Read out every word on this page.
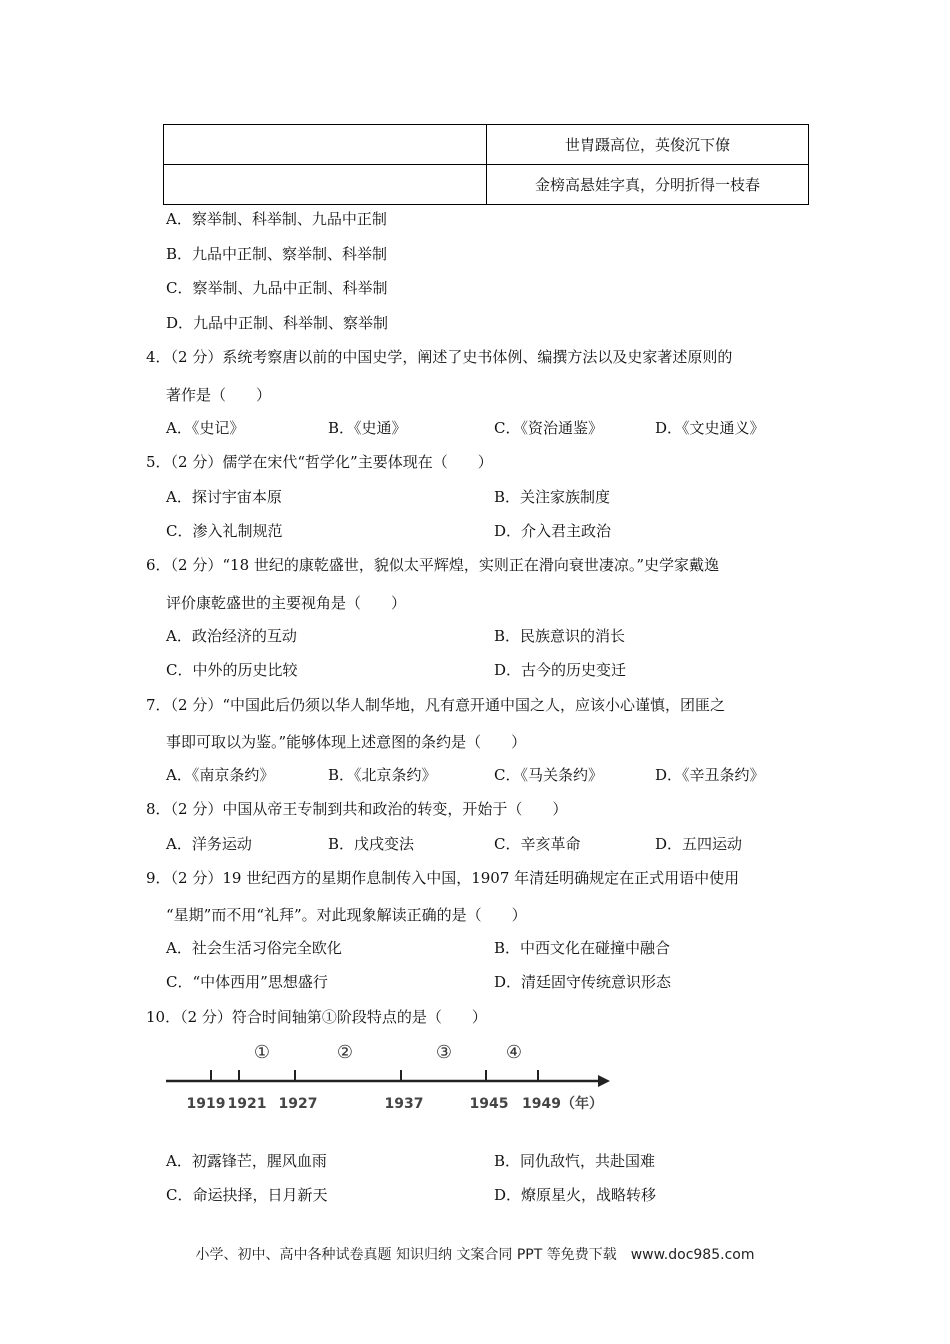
	世胄蹑高位，英俊沉下僚
	金榜高悬娃字真，分明折得一枝春
A．察举制、科举制、九品中正制
B．九品中正制、察举制、科举制
C．察举制、九品中正制、科举制
D．九品中正制、科举制、察举制
4．（2 分）系统考察唐以前的中国史学，阐述了史书体例、编撰方法以及史家著述原则的
著作是（　　）
A．《史记》	B．《史通》	C．《资治通鉴》	D．《文史通义》
5．（2 分）儒学在宋代“哲学化”主要体现在（　　）
A．探讨宇宙本原	B．关注家族制度
C．渗入礼制规范	D．介入君主政治
6．（2 分）“18 世纪的康乾盛世，貌似太平辉煌，实则正在滑向衰世凄凉。”史学家戴逸
评价康乾盛世的主要视角是（　　）
A．政治经济的互动	B．民族意识的消长
C．中外的历史比较	D．古今的历史变迁
7．（2 分）“中国此后仍须以华人制华地，凡有意开通中国之人，应该小心谨慎，团匪之
事即可取以为鉴。”能够体现上述意图的条约是（　　）
A．《南京条约》	B．《北京条约》	C．《马关条约》	D．《辛丑条约》
8．（2 分）中国从帝王专制到共和政治的转变，开始于（　　）
A．洋务运动	B．戊戌变法	C．辛亥革命	D．五四运动
9．（2 分）19 世纪西方的星期作息制传入中国，1907 年清廷明确规定在正式用语中使用
“星期”而不用“礼拜”。对此现象解读正确的是（　　）
A．社会生活习俗完全欧化	B．中西文化在碰撞中融合
C．“中体西用”思想盛行	D．清廷固守传统意识形态
10．（2 分）符合时间轴第①阶段特点的是（　　）
①	②	③	④
1919 1921 1927	1937	1945 1949（年）
A．初露锋芒，腥风血雨	B．同仇敌忾，共赴国难
C．命运抉择，日月新天	D．燎原星火，战略转移
小学、初中、高中各种试卷真题 知识归纳 文案合同 PPT 等免费下载　www.doc985.com
